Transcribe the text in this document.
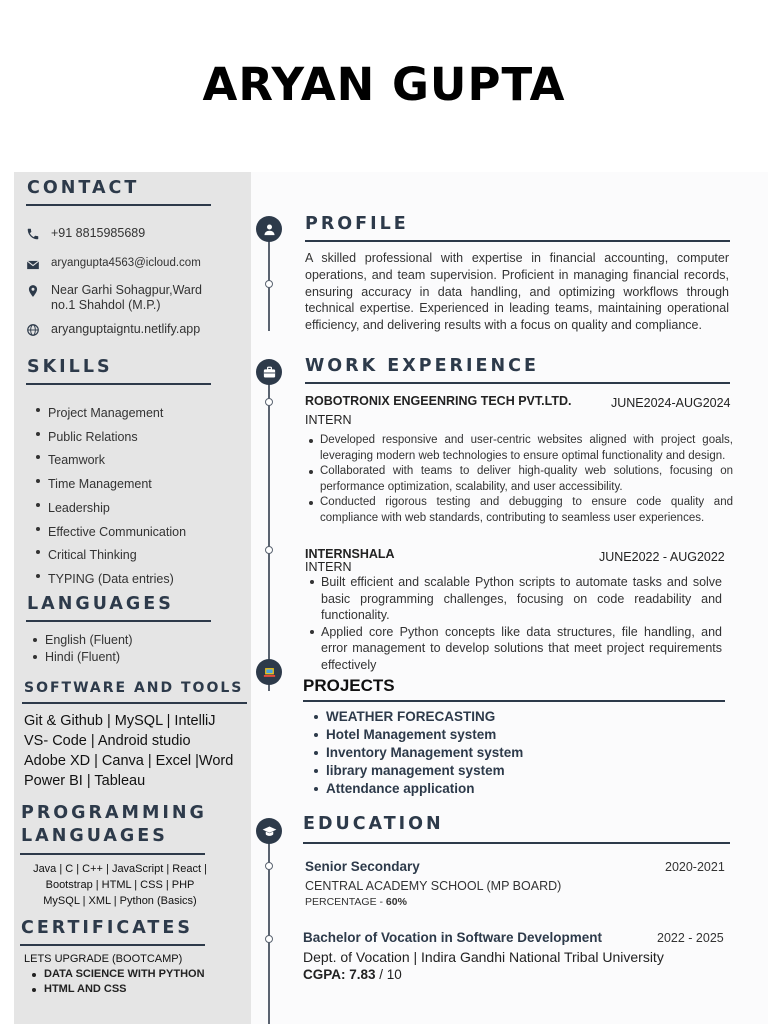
ARYAN GUPTA
CONTACT
+91 8815985689
aryangupta4563@icloud.com
Near Garhi Sohagpur,Ward
no.1 Shahdol (M.P.)
aryanguptaigntu.netlify.app
SKILLS
Project Management
Public Relations
Teamwork
Time Management
Leadership
Effective Communication
Critical Thinking
TYPING (Data entries)
LANGUAGES
English (Fluent)
Hindi (Fluent)
SOFTWARE AND TOOLS
Git & Github | MySQL | IntelliJ
VS- Code | Android studio
Adobe XD | Canva | Excel |Word
Power BI | Tableau
PROGRAMMING
LANGUAGES
Java | C | C++ | JavaScript | React |
Bootstrap | HTML | CSS | PHP
MySQL | XML | Python (Basics)
CERTIFICATES
LETS UPGRADE (BOOTCAMP)
DATA SCIENCE WITH PYTHON
HTML AND CSS
PROFILE
A skilled professional with expertise in financial accounting, computer operations, and team supervision. Proficient in managing financial records, ensuring accuracy in data handling, and optimizing workflows through technical expertise. Experienced in leading teams, maintaining operational efficiency, and delivering results with a focus on quality and compliance.
WORK EXPERIENCE
ROBOTRONIX ENGEENRING TECH PVT.LTD.	JUNE2024-AUG2024
INTERN
Developed responsive and user-centric websites aligned with project goals, leveraging modern web technologies to ensure optimal functionality and design.
Collaborated with teams to deliver high-quality web solutions, focusing on performance optimization, scalability, and user accessibility.
Conducted rigorous testing and debugging to ensure code quality and compliance with web standards, contributing to seamless user experiences.
INTERNSHALA	JUNE2022 - AUG2022
INTERN
Built efficient and scalable Python scripts to automate tasks and solve basic programming challenges, focusing on code readability and functionality.
Applied core Python concepts like data structures, file handling, and error management to develop solutions that meet project requirements effectively
PROJECTS
WEATHER FORECASTING
Hotel Management system
Inventory Management system
library management system
Attendance application
EDUCATION
Senior Secondary	2020-2021
CENTRAL ACADEMY SCHOOL (MP BOARD)
PERCENTAGE - 60%
Bachelor of Vocation in Software Development	2022 - 2025
Dept. of Vocation | Indira Gandhi National Tribal University
CGPA: 7.83 / 10
